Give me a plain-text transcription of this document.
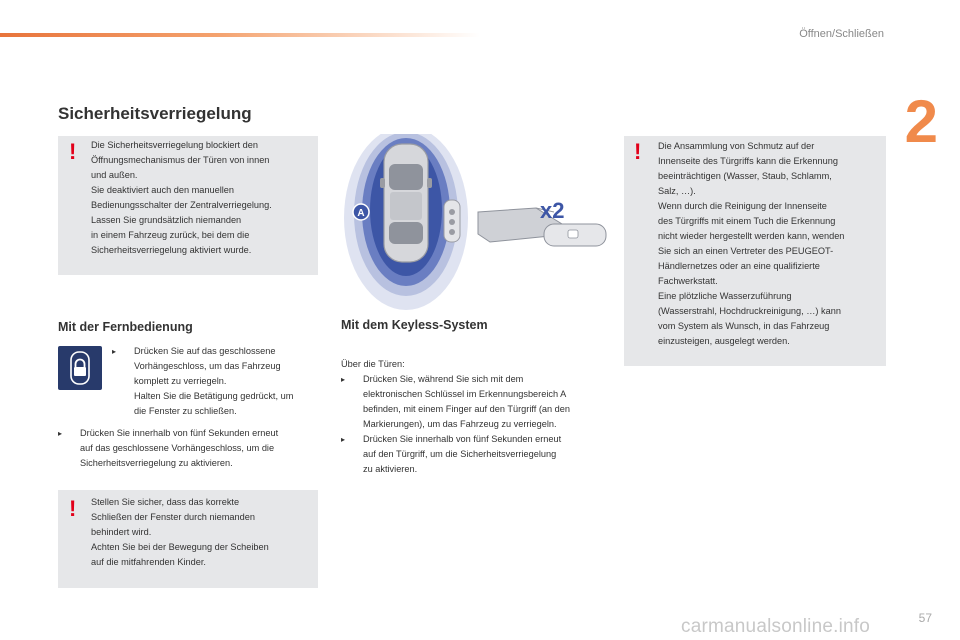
Öffnen/Schließen
2
Sicherheitsverriegelung
! Die Sicherheitsverriegelung blockiert den

Öffnungsmechanismus der Türen von innen

und außen.

Sie deaktiviert auch den manuellen

Bedienungsschalter der Zentralverriegelung.

Lassen Sie grundsätzlich niemanden

in einem Fahrzeug zurück, bei dem die

Sicherheitsverriegelung aktiviert wurde.

Mit der Fernbedienung
▸ Drücken Sie auf das geschlossene
Vorhängeschloss, um das Fahrzeug
komplett zu verriegeln.
Halten Sie die Betätigung gedrückt, um
die Fenster zu schließen.
▸ Drücken Sie innerhalb von fünf Sekunden erneut
auf das geschlossene Vorhängeschloss, um die
Sicherheitsverriegelung zu aktivieren.
! Stellen Sie sicher, dass das korrekte

Schließen der Fenster durch niemanden

behindert wird.

Achten Sie bei der Bewegung der Scheiben

auf die mitfahrenden Kinder.

A	x2
Mit dem Keyless-System

Über die Türen:

▸ Drücken Sie, während Sie sich mit dem
elektronischen Schlüssel im Erkennungsbereich A
befinden, mit einem Finger auf den Türgriff (an den
Markierungen), um das Fahrzeug zu verriegeln.
▸ Drücken Sie innerhalb von fünf Sekunden erneut
auf den Türgriff, um die Sicherheitsverriegelung
zu aktivieren.
! Die Ansammlung von Schmutz auf der

Innenseite des Türgriffs kann die Erkennung

beeinträchtigen (Wasser, Staub, Schlamm,

Salz, …).

Wenn durch die Reinigung der Innenseite

des Türgriffs mit einem Tuch die Erkennung

nicht wieder hergestellt werden kann, wenden

Sie sich an einen Vertreter des PEUGEOT-

Händlernetzes oder an eine qualifizierte

Fachwerkstatt.

Eine plötzliche Wasserzuführung

(Wasserstrahl, Hochdruckreinigung, …) kann

vom System als Wunsch, in das Fahrzeug

einzusteigen, ausgelegt werden.

57
carmanualsonline.info
